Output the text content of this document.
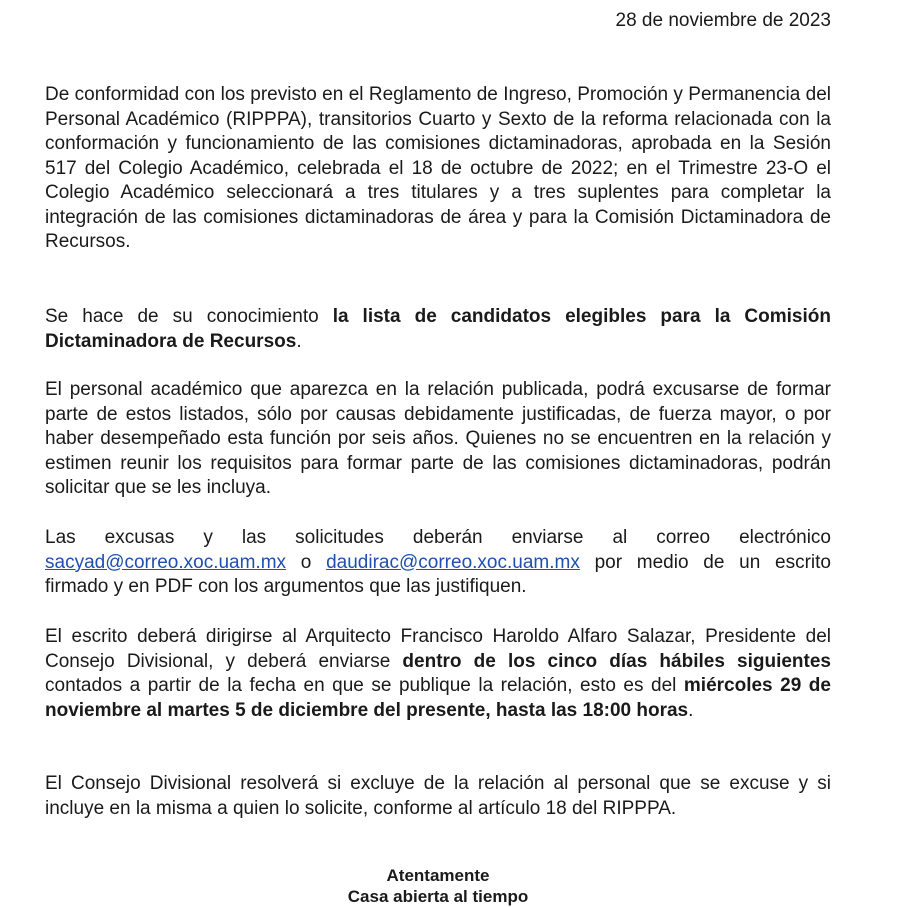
28 de noviembre de 2023

De conformidad con los previsto en el Reglamento de Ingreso, Promoción y Permanencia del Personal Académico (RIPPPA), transitorios Cuarto y Sexto de la reforma relacionada con la conformación y funcionamiento de las comisiones dictaminadoras, aprobada en la Sesión 517 del Colegio Académico, celebrada el 18 de octubre de 2022; en el Trimestre 23-O el Colegio Académico seleccionará a tres titulares y a tres suplentes para completar la integración de las comisiones dictaminadoras de área y para la Comisión Dictaminadora de Recursos.

Se hace de su conocimiento la lista de candidatos elegibles para la Comisión Dictaminadora de Recursos.

El personal académico que aparezca en la relación publicada, podrá excusarse de formar parte de estos listados, sólo por causas debidamente justificadas, de fuerza mayor, o por haber desempeñado esta función por seis años. Quienes no se encuentren en la relación y estimen reunir los requisitos para formar parte de las comisiones dictaminadoras, podrán solicitar que se les incluya.

Las excusas y las solicitudes deberán enviarse al correo electrónico sacyad@correo.xoc.uam.mx o daudirac@correo.xoc.uam.mx por medio de un escrito firmado y en PDF con los argumentos que las justifiquen.

El escrito deberá dirigirse al Arquitecto Francisco Haroldo Alfaro Salazar, Presidente del Consejo Divisional, y deberá enviarse dentro de los cinco días hábiles siguientes contados a partir de la fecha en que se publique la relación, esto es del miércoles 29 de noviembre al martes 5 de diciembre del presente, hasta las 18:00 horas.

El Consejo Divisional resolverá si excluye de la relación al personal que se excuse y si incluye en la misma a quien lo solicite, conforme al artículo 18 del RIPPPA.

Atentamente
Casa abierta al tiempo
